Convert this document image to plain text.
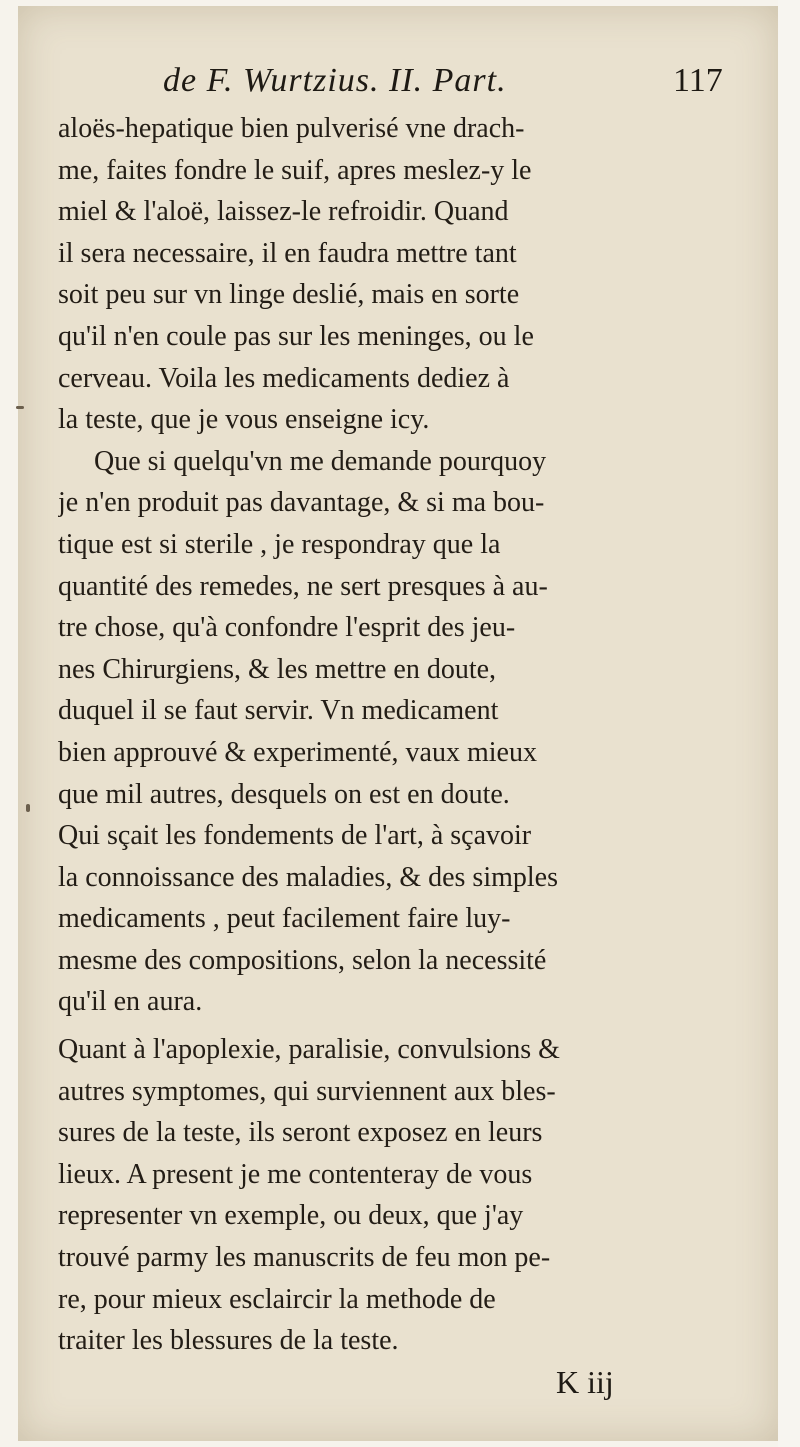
de F. Wurtzius. II. Part.	117
aloës-hepatique bien pulverisé vne drach-
me, faites fondre le suif, apres meslez-y le
miel & l'aloë, laissez-le refroidir. Quand
il sera necessaire, il en faudra mettre tant
soit peu sur vn linge deslié, mais en sorte
qu'il n'en coule pas sur les meninges, ou le
cerveau. Voila les medicaments dediez à
la teste, que je vous enseigne icy.
Que si quelqu'vn me demande pourquoy
je n'en produit pas davantage, & si ma bou-
tique est si sterile , je respondray que la
quantité des remedes, ne sert presques à au-
tre chose, qu'à confondre l'esprit des jeu-
nes Chirurgiens, & les mettre en doute,
duquel il se faut servir. Vn medicament
bien approuvé & experimenté, vaux mieux
que mil autres, desquels on est en doute.
Qui sçait les fondements de l'art, à sçavoir
la connoissance des maladies, & des simples
medicaments , peut facilement faire luy-
mesme des compositions, selon la necessité
qu'il en aura.
Quant à l'apoplexie, paralisie, convulsions &
autres symptomes, qui surviennent aux bles-
sures de la teste, ils seront exposez en leurs
lieux. A present je me contenteray de vous
representer vn exemple, ou deux, que j'ay
trouvé parmy les manuscrits de feu mon pe-
re, pour mieux esclaircir la methode de
traiter les blessures de la teste.
K iij
